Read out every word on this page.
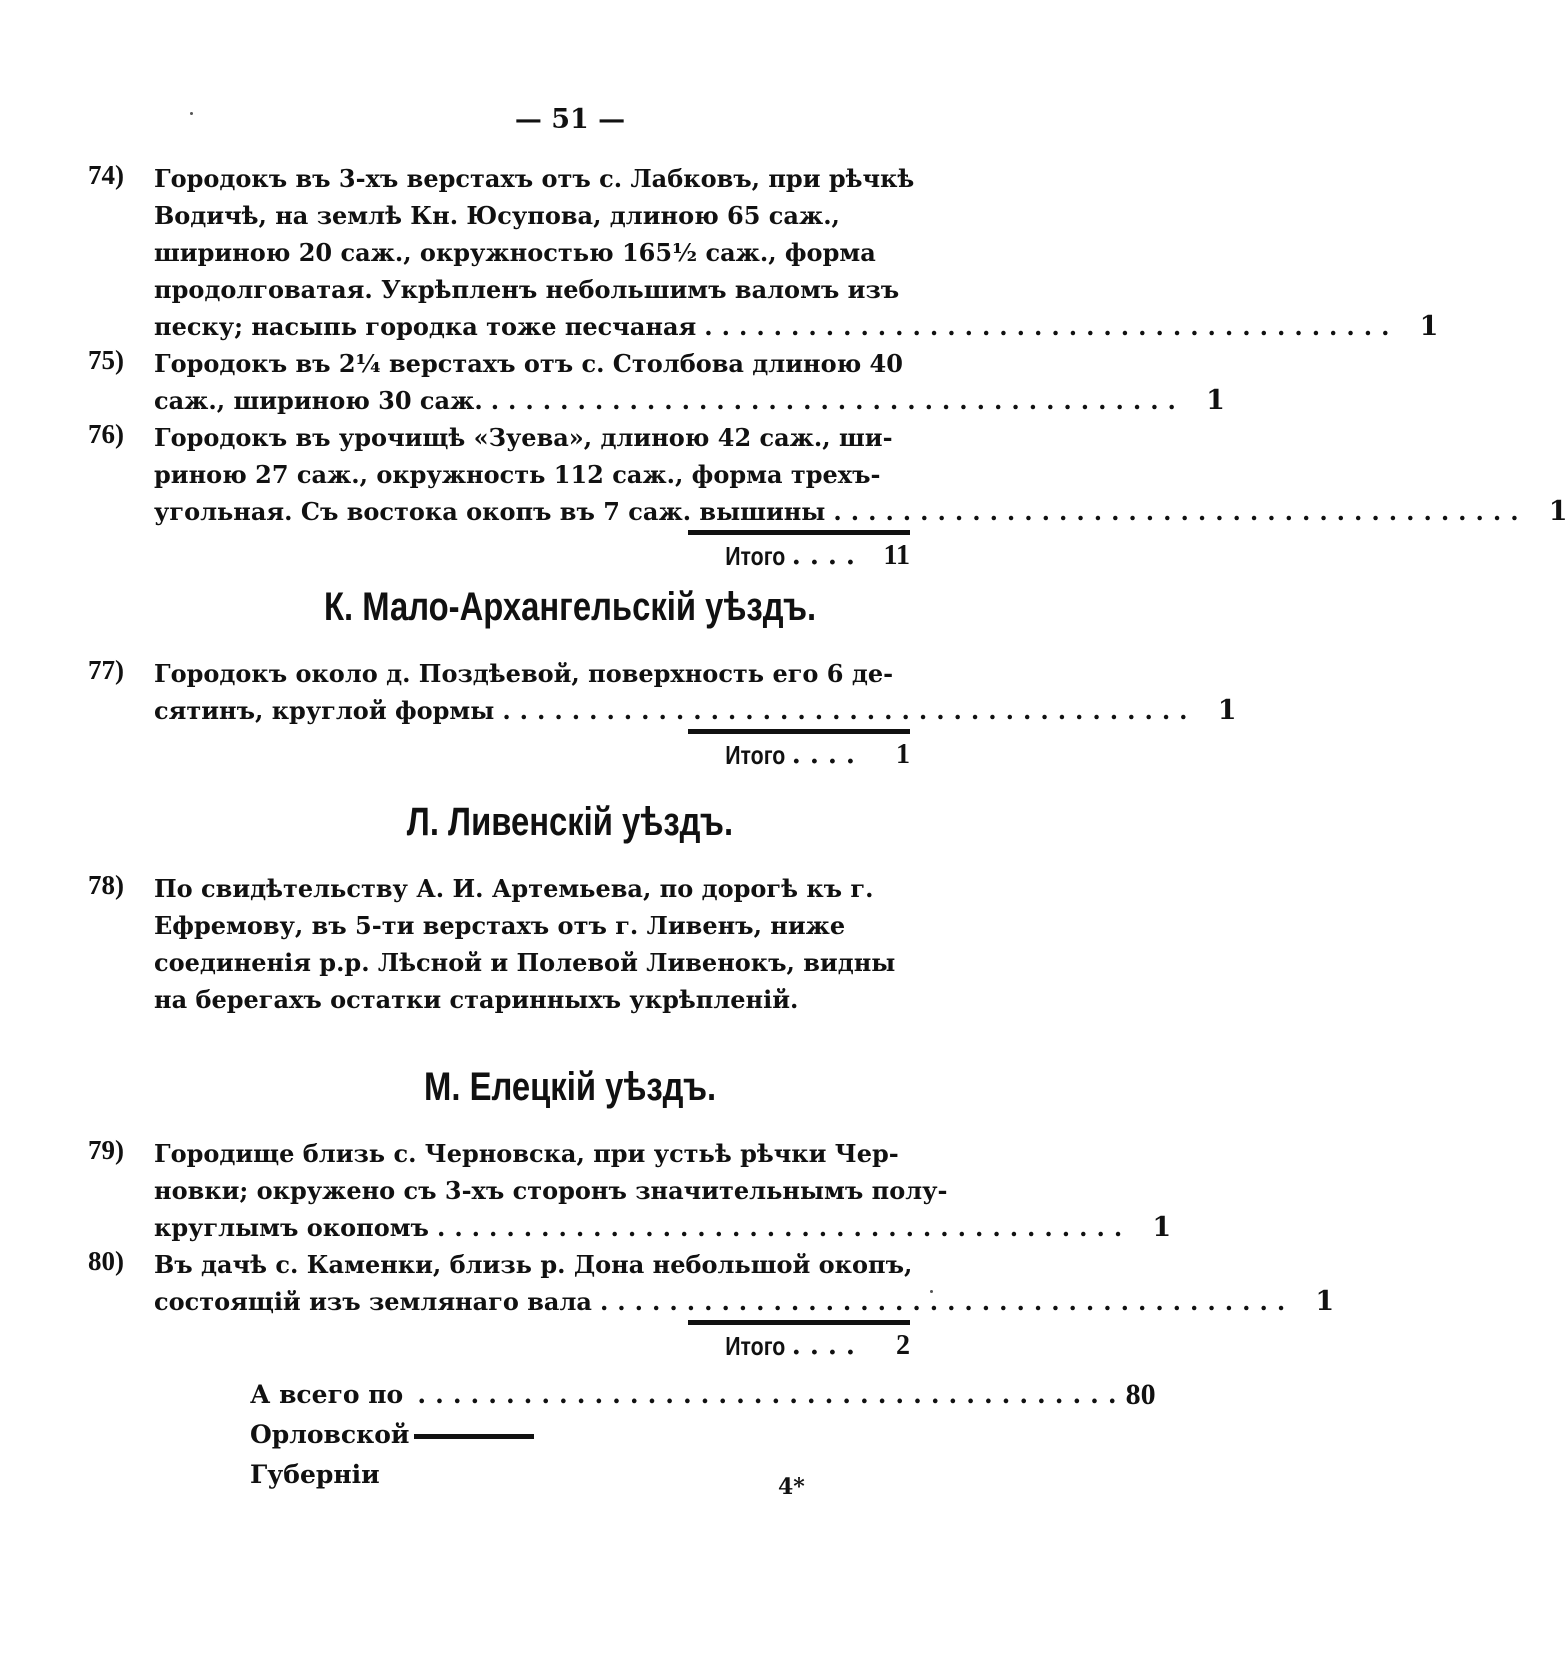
— 51 —
74) Городокъ въ 3-хъ верстахъ отъ с. Лабковъ, при рѣчкѣ
Водичѣ, на землѣ Кн. Юсупова, длиною 65 саж.,
шириною 20 саж., окружностью 165½ саж., форма
продолговатая. Укрѣпленъ небольшимъ валомъ изъ
песку; насыпь городка тоже песчаная ........................................ 1
75) Городокъ въ 2¼ верстахъ отъ с. Столбова длиною 40
саж., шириною 30 саж. ........................................ 1
76) Городокъ въ урочищѣ «Зуева», длиною 42 саж., ши-
риною 27 саж., окружность 112 саж., форма трехъ-
угольная. Съ востока окопъ въ 7 саж. вышины ........................................ 1
Итого .... 11
К. Мало-Архангельскій уѣздъ.
77) Городокъ около д. Поздѣевой, поверхность его 6 де-
сятинъ, круглой формы ........................................ 1
Итого ....	1
Л. Ливенскій уѣздъ.
78) По свидѣтельству А. И. Артемьева, по дорогѣ къ г.
Ефремову, въ 5-ти верстахъ отъ г. Ливенъ, ниже
соединенія р.р. Лѣсной и Полевой Ливенокъ, видны
на берегахъ остатки старинныхъ укрѣпленій.
М. Елецкій уѣздъ.
79) Городище близь с. Черновска, при устьѣ рѣчки Чер-
новки; окружено съ 3-хъ сторонъ значительнымъ полу-
круглымъ окопомъ ........................................ 1
80) Въ дачѣ с. Каменки, близь р. Дона небольшой окопъ,
состоящій изъ землянаго вала ........................................ 1
Итого ....	2
А всего по Орловской Губерніи
........................................ 80
4*
